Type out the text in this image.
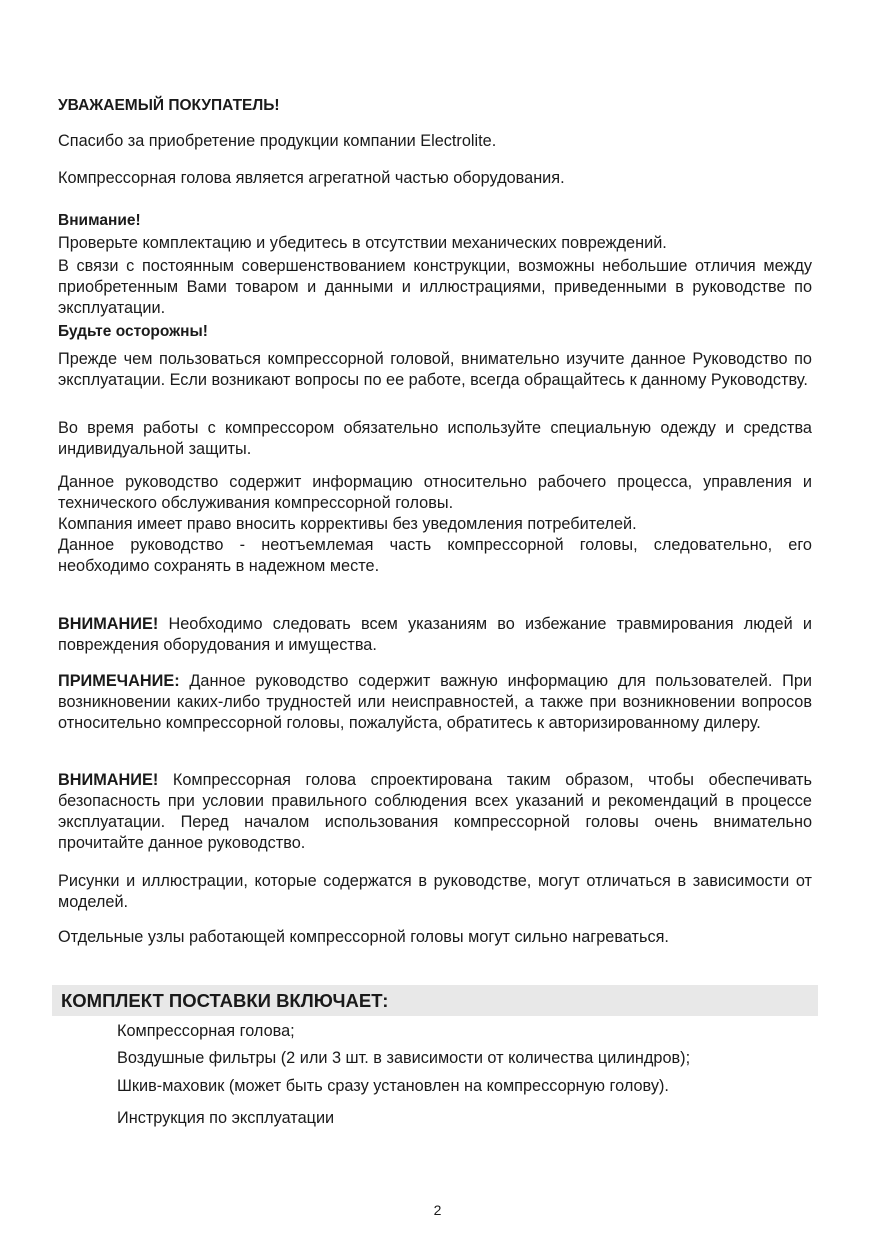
УВАЖАЕМЫЙ ПОКУПАТЕЛЬ!
Спасибо за приобретение продукции компании Electrolite.
Компрессорная голова является агрегатной частью оборудования.
Внимание!
Проверьте комплектацию и убедитесь в отсутствии механических повреждений.
В связи с постоянным совершенствованием конструкции, возможны небольшие отличия между приобретенным Вами товаром и данными и иллюстрациями, приведенными в руководстве по эксплуатации.
Будьте осторожны!
Прежде чем пользоваться компрессорной головой, внимательно изучите данное Руководство по эксплуатации. Если возникают вопросы по ее работе, всегда обращайтесь к данному Руководству.
Во время работы с компрессором обязательно используйте специальную одежду и средства индивидуальной защиты.

Данное руководство содержит информацию относительно рабочего процесса, управления и технического обслуживания компрессорной головы.

Компания имеет право вносить коррективы без уведомления потребителей.

Данное руководство - неотъемлемая часть компрессорной головы, следовательно, его необходимо сохранять в надежном месте.

ВНИМАНИЕ! Необходимо следовать всем указаниям во избежание травмирования людей и повреждения оборудования и имущества.
ПРИМЕЧАНИЕ: Данное руководство содержит важную информацию для пользователей. При возникновении каких-либо трудностей или неисправностей, а также при возникновении вопросов относительно компрессорной головы, пожалуйста, обратитесь к авторизированному дилеру.
ВНИМАНИЕ! Компрессорная голова спроектирована таким образом, чтобы обеспечивать безопасность при условии правильного соблюдения всех указаний и рекомендаций в процессе эксплуатации. Перед началом использования компрессорной головы очень внимательно прочитайте данное руководство.
Рисунки и иллюстрации, которые содержатся в руководстве, могут отличаться в зависимости от моделей.
Отдельные узлы работающей компрессорной головы могут сильно нагреваться.
КОМПЛЕКТ ПОСТАВКИ ВКЛЮЧАЕТ:
Компрессорная голова;
Воздушные фильтры (2 или 3 шт. в зависимости от количества цилиндров);
Шкив-маховик (может быть сразу установлен на компрессорную голову).
Инструкция по эксплуатации
2
